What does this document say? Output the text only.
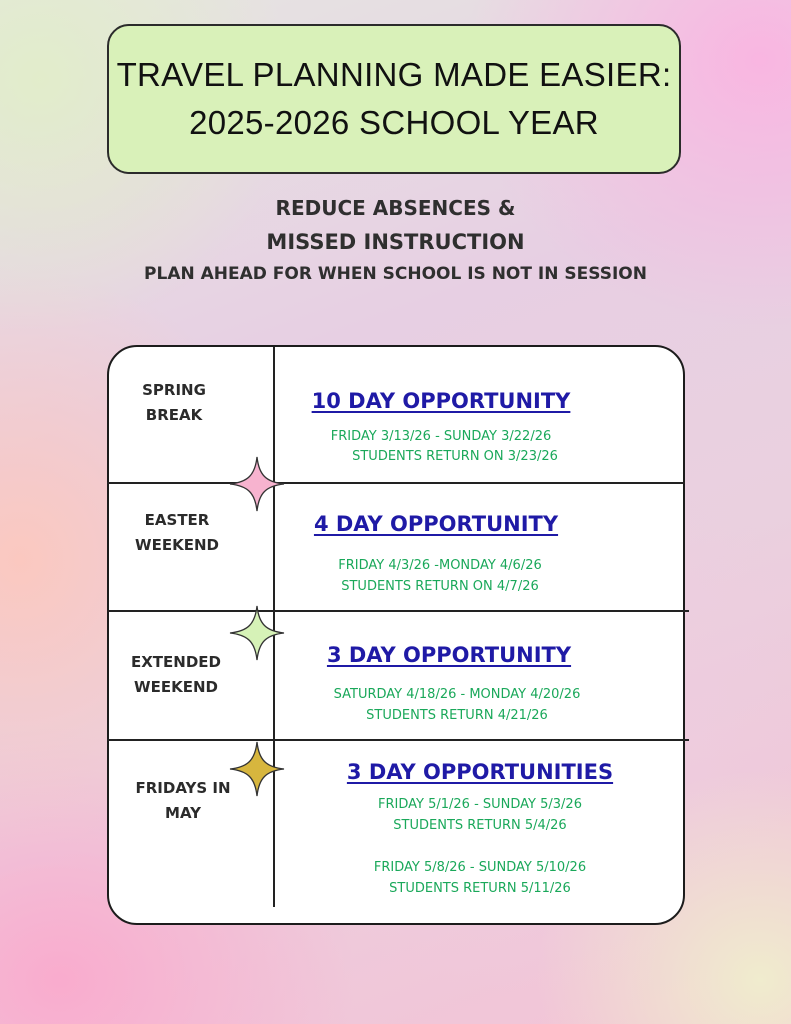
TRAVEL PLANNING MADE EASIER:
2025-2026 SCHOOL YEAR
REDUCE ABSENCES &
MISSED INSTRUCTION
PLAN AHEAD FOR WHEN SCHOOL IS NOT IN SESSION
SPRING
BREAK
10 DAY OPPORTUNITY
FRIDAY 3/13/26 - SUNDAY 3/22/26
STUDENTS RETURN ON 3/23/26
EASTER
WEEKEND
4 DAY OPPORTUNITY
FRIDAY 4/3/26 -MONDAY 4/6/26
STUDENTS RETURN ON 4/7/26
EXTENDED
WEEKEND
3 DAY OPPORTUNITY
SATURDAY 4/18/26 - MONDAY 4/20/26
STUDENTS RETURN 4/21/26
FRIDAYS IN
MAY
3 DAY OPPORTUNITIES
FRIDAY 5/1/26 - SUNDAY 5/3/26
STUDENTS RETURN 5/4/26
FRIDAY 5/8/26 - SUNDAY 5/10/26
STUDENTS RETURN 5/11/26
